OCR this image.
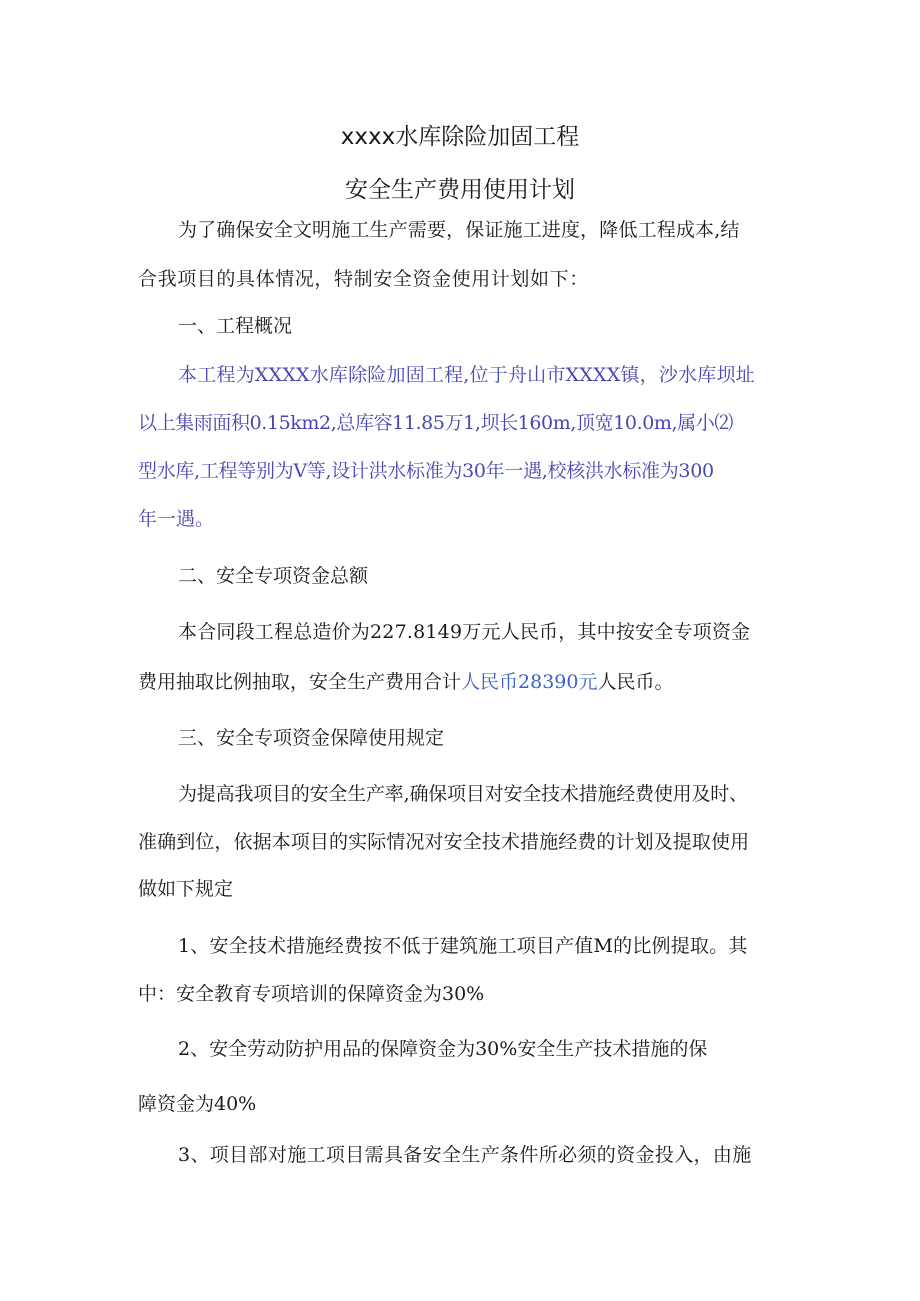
xxxx水库除险加固工程
安全生产费用使用计划
为了确保安全文明施工生产需要，保证施工进度，降低工程成本,结
合我项目的具体情况，特制安全资金使用计划如下：
一、工程概况
本工程为XXXX水库除险加固工程,位于舟山市XXXX镇，沙水库坝址
以上集雨面积0.15km2,总库容11.85万1,坝长160m,顶宽10.0m,属小⑵
型水库,工程等别为V等,设计洪水标准为30年一遇,校核洪水标准为300
年一遇。
二、安全专项资金总额
本合同段工程总造价为227.8149万元人民币，其中按安全专项资金
费用抽取比例抽取，安全生产费用合计人民币28390元人民币。
三、安全专项资金保障使用规定
为提高我项目的安全生产率,确保项目对安全技术措施经费使用及时、
准确到位，依据本项目的实际情况对安全技术措施经费的计划及提取使用
做如下规定
1、安全技术措施经费按不低于建筑施工项目产值M的比例提取。其
中：安全教育专项培训的保障资金为30%
2、安全劳动防护用品的保障资金为30%安全生产技术措施的保
障资金为40%
3、项目部对施工项目需具备安全生产条件所必须的资金投入，由施
